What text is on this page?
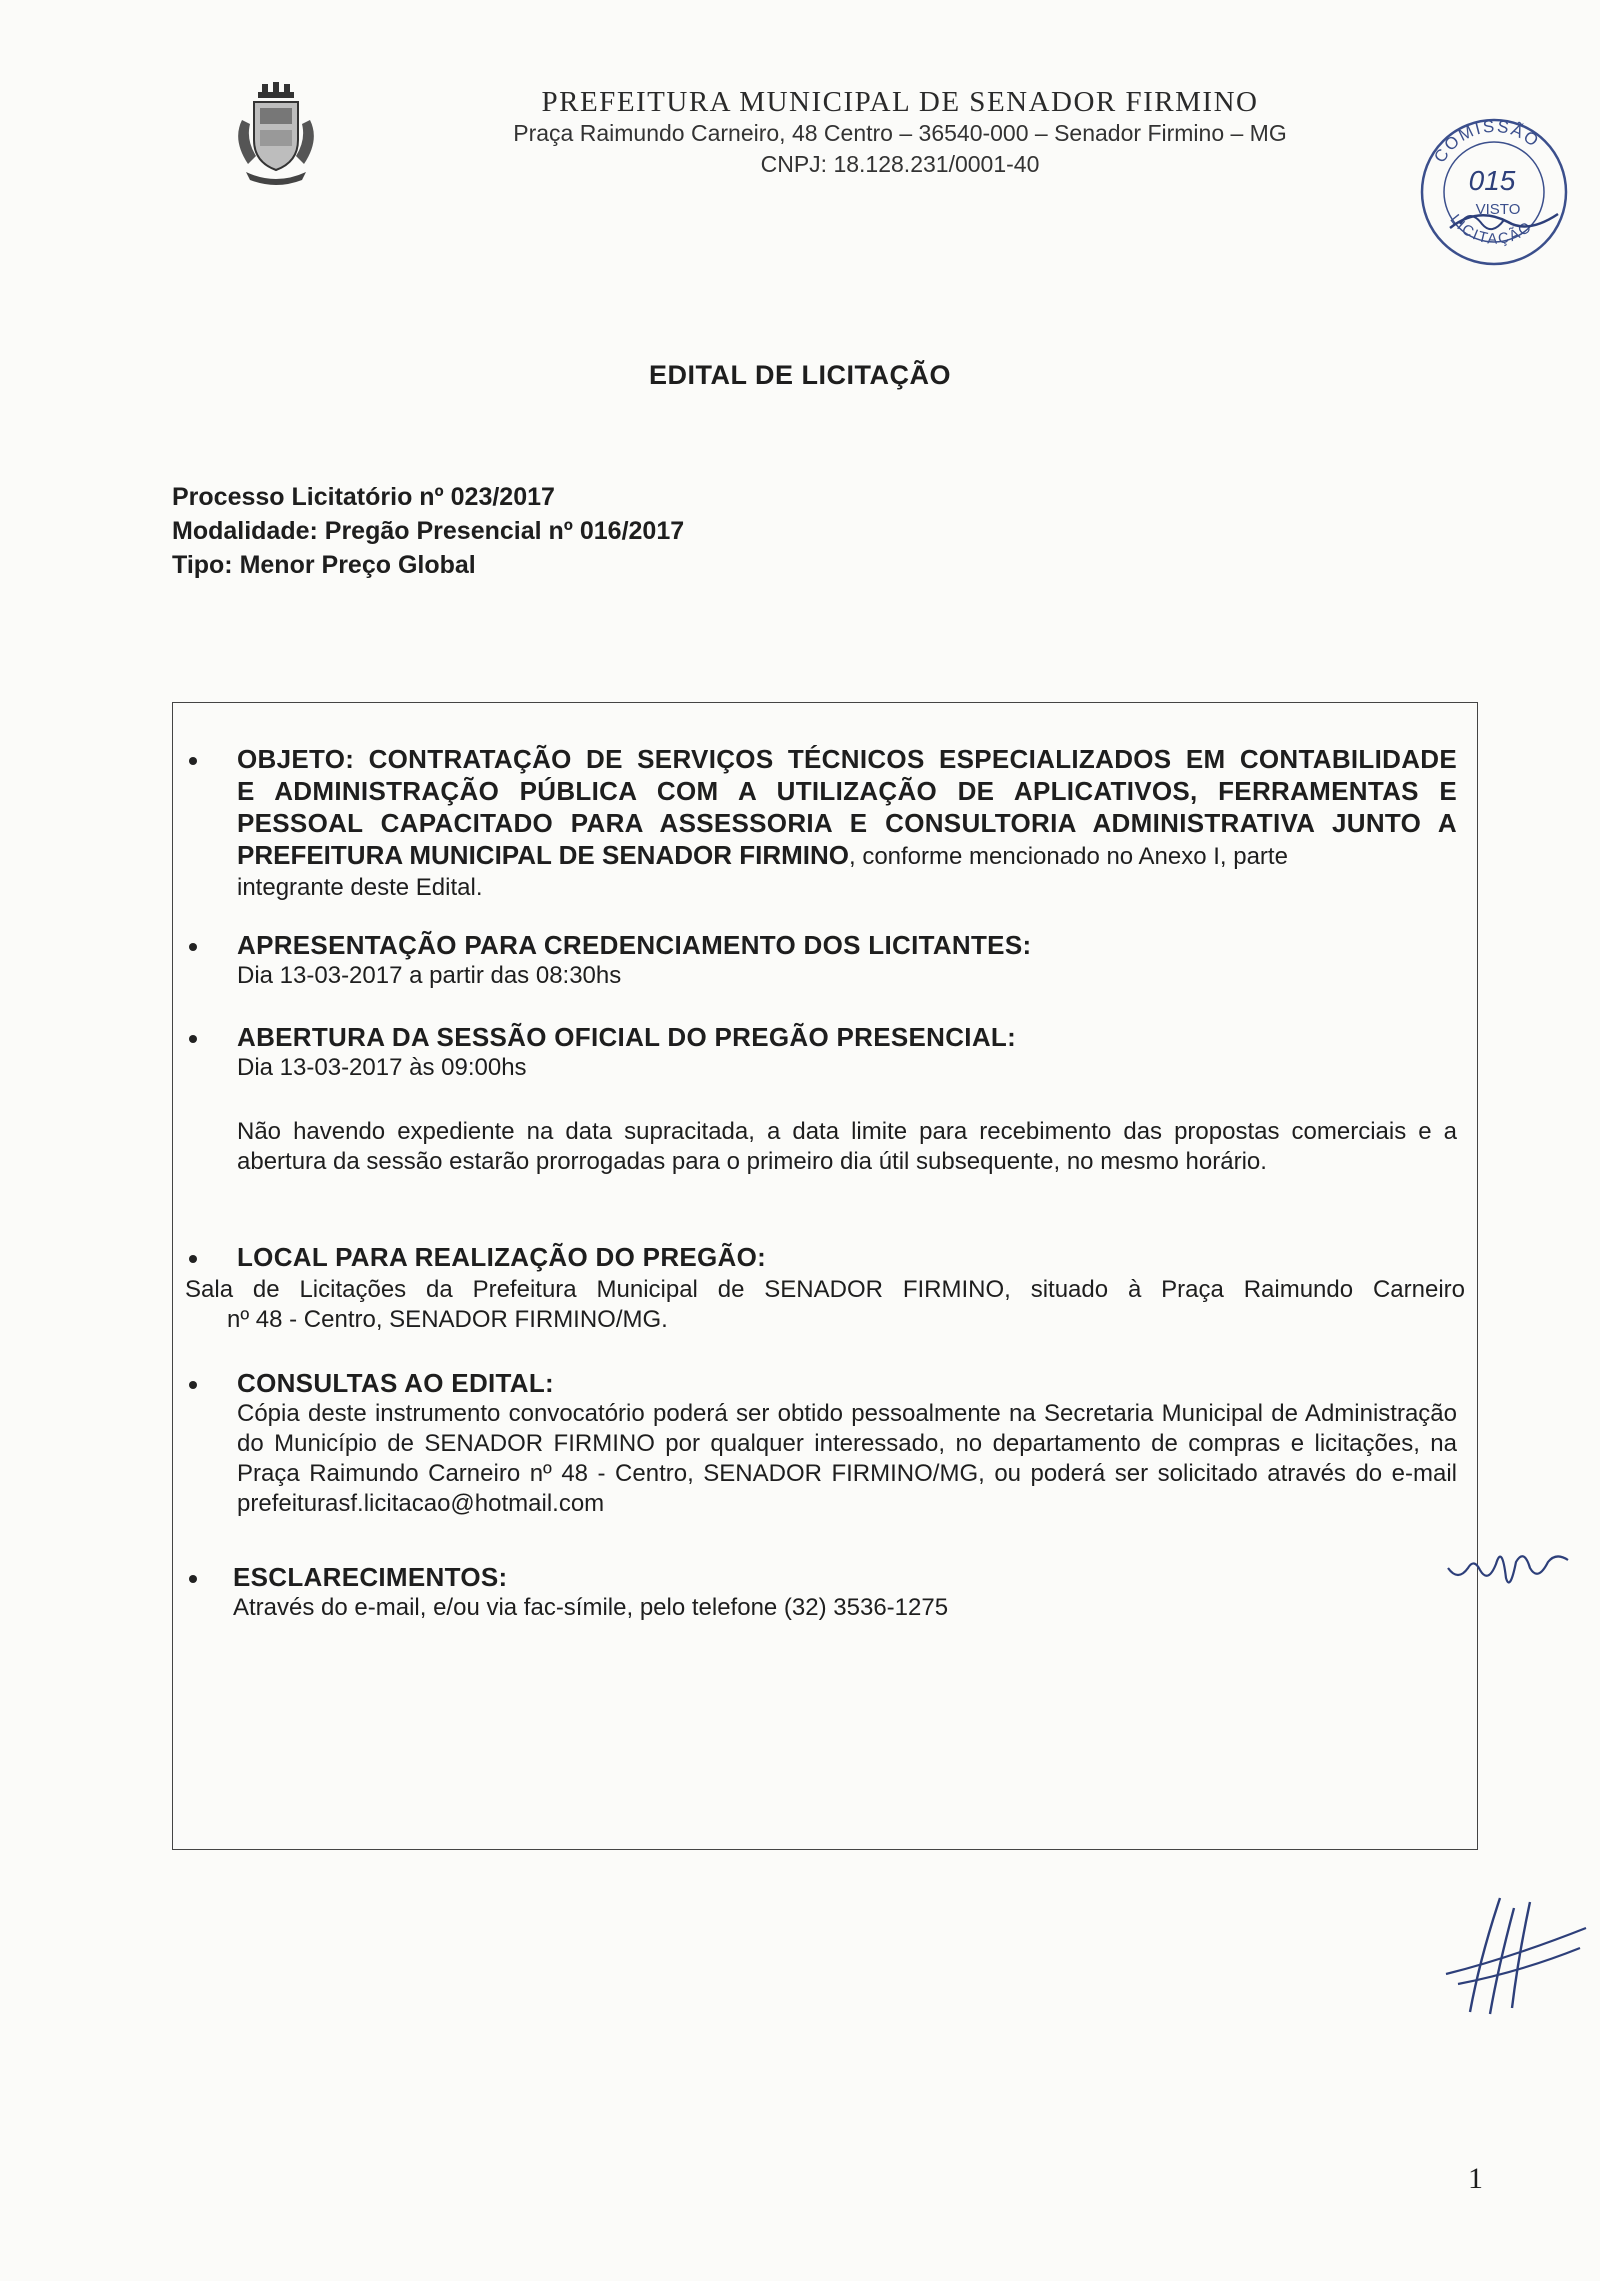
PREFEITURA MUNICIPAL DE SENADOR FIRMINO
Praça Raimundo Carneiro, 48 Centro – 36540-000 – Senador Firmino – MG
CNPJ: 18.128.231/0001-40	COMISSÃO
LICITAÇÃO
015
VISTO
EDITAL DE LICITAÇÃO
Processo Licitatório nº 023/2017
Modalidade: Pregão Presencial nº 016/2017
Tipo: Menor Preço Global
OBJETO: CONTRATAÇÃO DE SERVIÇOS TÉCNICOS ESPECIALIZADOS EM CONTABILIDADE
E ADMINISTRAÇÃO PÚBLICA COM A UTILIZAÇÃO DE APLICATIVOS, FERRAMENTAS E
PESSOAL CAPACITADO PARA ASSESSORIA E CONSULTORIA ADMINISTRATIVA JUNTO A
PREFEITURA MUNICIPAL DE SENADOR FIRMINO, conforme mencionado no Anexo I, parte
integrante deste Edital.
APRESENTAÇÃO PARA CREDENCIAMENTO DOS LICITANTES:
Dia 13-03-2017 a partir das 08:30hs
ABERTURA DA SESSÃO OFICIAL DO PREGÃO PRESENCIAL:
Dia 13-03-2017 às 09:00hs
Não havendo expediente na data supracitada, a data limite para recebimento das propostas comerciais e a abertura da sessão estarão prorrogadas para o primeiro dia útil subsequente, no mesmo horário.
LOCAL PARA REALIZAÇÃO DO PREGÃO:
Sala de Licitações da Prefeitura Municipal de SENADOR FIRMINO, situado à Praça Raimundo Carneiro
nº 48 - Centro, SENADOR FIRMINO/MG.
CONSULTAS AO EDITAL:
Cópia deste instrumento convocatório poderá ser obtido pessoalmente na Secretaria Municipal de Administração do Município de SENADOR FIRMINO por qualquer interessado, no departamento de compras e licitações, na Praça Raimundo Carneiro nº 48 - Centro, SENADOR FIRMINO/MG, ou poderá ser solicitado através do e-mail prefeiturasf.licitacao@hotmail.com
ESCLARECIMENTOS:
Através do e-mail, e/ou via fac-símile, pelo telefone (32) 3536-1275
1
